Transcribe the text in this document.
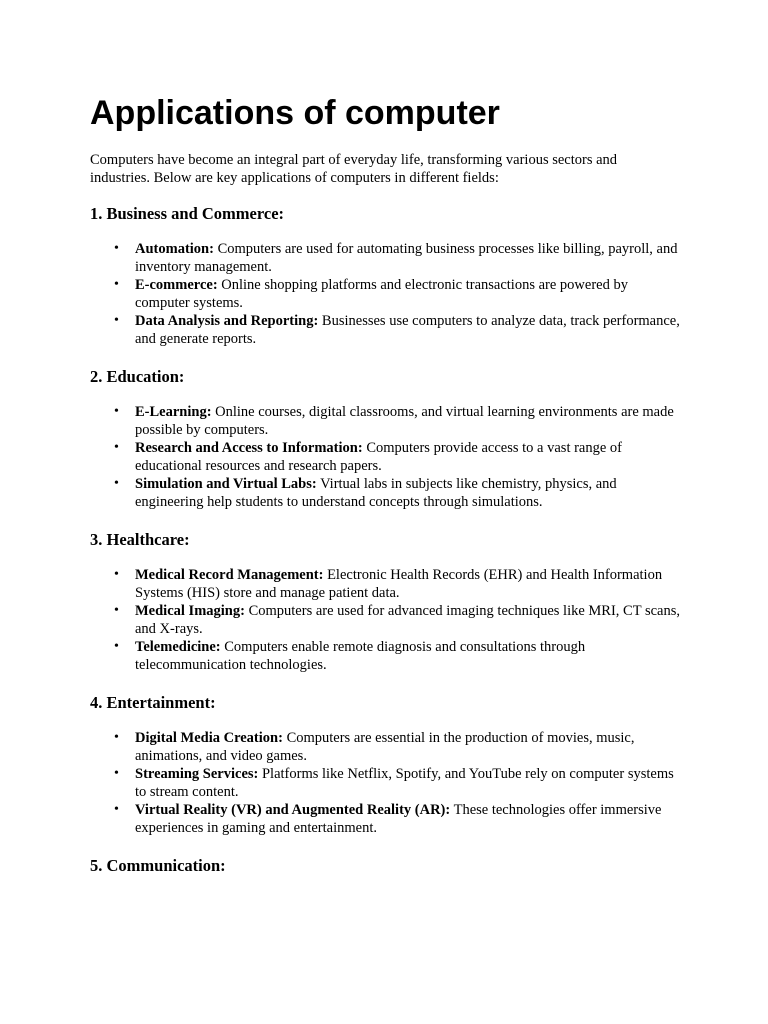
Applications of computer

Computers have become an integral part of everyday life, transforming various sectors and industries. Below are key applications of computers in different fields:

1. Business and Commerce:
• Automation: Computers are used for automating business processes like billing, payroll, and inventory management.
• E-commerce: Online shopping platforms and electronic transactions are powered by computer systems.
• Data Analysis and Reporting: Businesses use computers to analyze data, track performance, and generate reports.
2. Education:
• E-Learning: Online courses, digital classrooms, and virtual learning environments are made possible by computers.
• Research and Access to Information: Computers provide access to a vast range of educational resources and research papers.
• Simulation and Virtual Labs: Virtual labs in subjects like chemistry, physics, and engineering help students to understand concepts through simulations.
3. Healthcare:
• Medical Record Management: Electronic Health Records (EHR) and Health Information Systems (HIS) store and manage patient data.
• Medical Imaging: Computers are used for advanced imaging techniques like MRI, CT scans, and X-rays.
• Telemedicine: Computers enable remote diagnosis and consultations through telecommunication technologies.
4. Entertainment:
• Digital Media Creation: Computers are essential in the production of movies, music, animations, and video games.
• Streaming Services: Platforms like Netflix, Spotify, and YouTube rely on computer systems to stream content.
• Virtual Reality (VR) and Augmented Reality (AR): These technologies offer immersive experiences in gaming and entertainment.
5. Communication:
